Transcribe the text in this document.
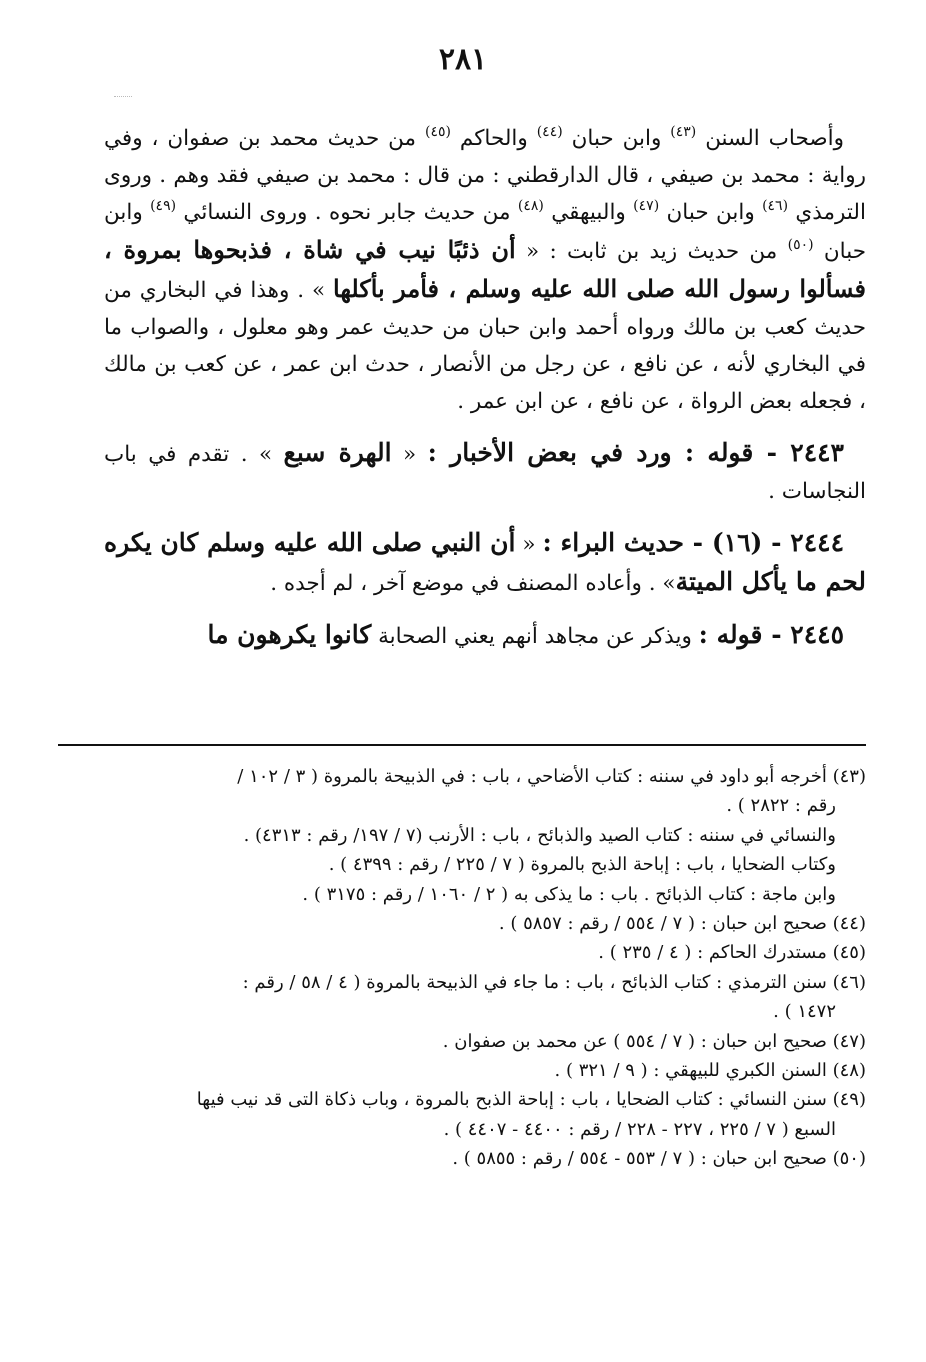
٢٨١

وأصحاب السنن $^{(٤٣)}$ وابن حبان $^{(٤٤)}$ والحاكم $^{(٤٥)}$ من حديث محمد بن صفوان ، وفي رواية : محمد بن صيفي ، قال الدارقطني : من قال : محمد بن صيفي فقد وهم . وروى الترمذي $^{(٤٦)}$ وابن حبان $^{(٤٧)}$ والبيهقي $^{(٤٨)}$ من حديث جابر نحوه . وروى النسائي $^{(٤٩)}$ وابن حبان $^{(٥٠)}$ من حديث زيد بن ثابت : « أن ذئبًا نيب في شاة ، فذبحوها بمروة ، فسألوا رسول الله صلى الله عليه وسلم ، فأمر بأكلها » . وهذا في البخاري من حديث كعب بن مالك ورواه أحمد وابن حبان من حديث عمر وهو معلول ، والصواب ما في البخاري لأنه ، عن نافع ، عن رجل من الأنصار ، حدث ابن عمر ، عن كعب بن مالك ، فجعله بعض الرواة ، عن نافع ، عن ابن عمر .

٢٤٤٣ - قوله : ورد في بعض الأخبار : « الهرة سبع » . تقدم في باب النجاسات .

٢٤٤٤ - (١٦) - حديث البراء : « أن النبي صلى الله عليه وسلم كان يكره لحم ما يأكل الميتة» . وأعاده المصنف في موضع آخر ، لم أجده .

٢٤٤٥ - قوله : ويذكر عن مجاهد أنهم يعني الصحابة كانوا يكرهون ما

(٤٣) أخرجه أبو داود في سننه : كتاب الأضاحي ، باب : في الذبيحة بالمروة ( ٣ / ١٠٢ /
رقم : ٢٨٢٢ ) .
والنسائي في سننه : كتاب الصيد والذبائح ، باب : الأرنب (٧ / ١٩٧/ رقم : ٤٣١٣) .
وكتاب الضحايا ، باب : إباحة الذبح بالمروة ( ٧ / ٢٢٥ / رقم : ٤٣٩٩ ) .
وابن ماجة : كتاب الذبائح . باب : ما يذكى به ( ٢ / ١٠٦٠ / رقم : ٣١٧٥ ) .
(٤٤) صحيح ابن حبان : ( ٧ / ٥٥٤ / رقم : ٥٨٥٧ ) .
(٤٥) مستدرك الحاكم : ( ٤ / ٢٣٥ ) .
(٤٦) سنن الترمذي : كتاب الذبائح ، باب : ما جاء في الذبيحة بالمروة ( ٤ / ٥٨ / رقم :
١٤٧٢ ) .
(٤٧) صحيح ابن حبان : ( ٧ / ٥٥٤ ) عن محمد بن صفوان .
(٤٨) السنن الكبري للبيهقي : ( ٩ / ٣٢١ ) .
(٤٩) سنن النسائي : كتاب الضحايا ، باب : إباحة الذبح بالمروة ، وباب ذكاة التى قد نيب فيها
السبع ( ٧ / ٢٢٥ ، ٢٢٧ - ٢٢٨ / رقم : ٤٤٠٠ - ٤٤٠٧ ) .
(٥٠) صحيح ابن حبان : ( ٧ / ٥٥٣ - ٥٥٤ / رقم : ٥٨٥٥ ) .
